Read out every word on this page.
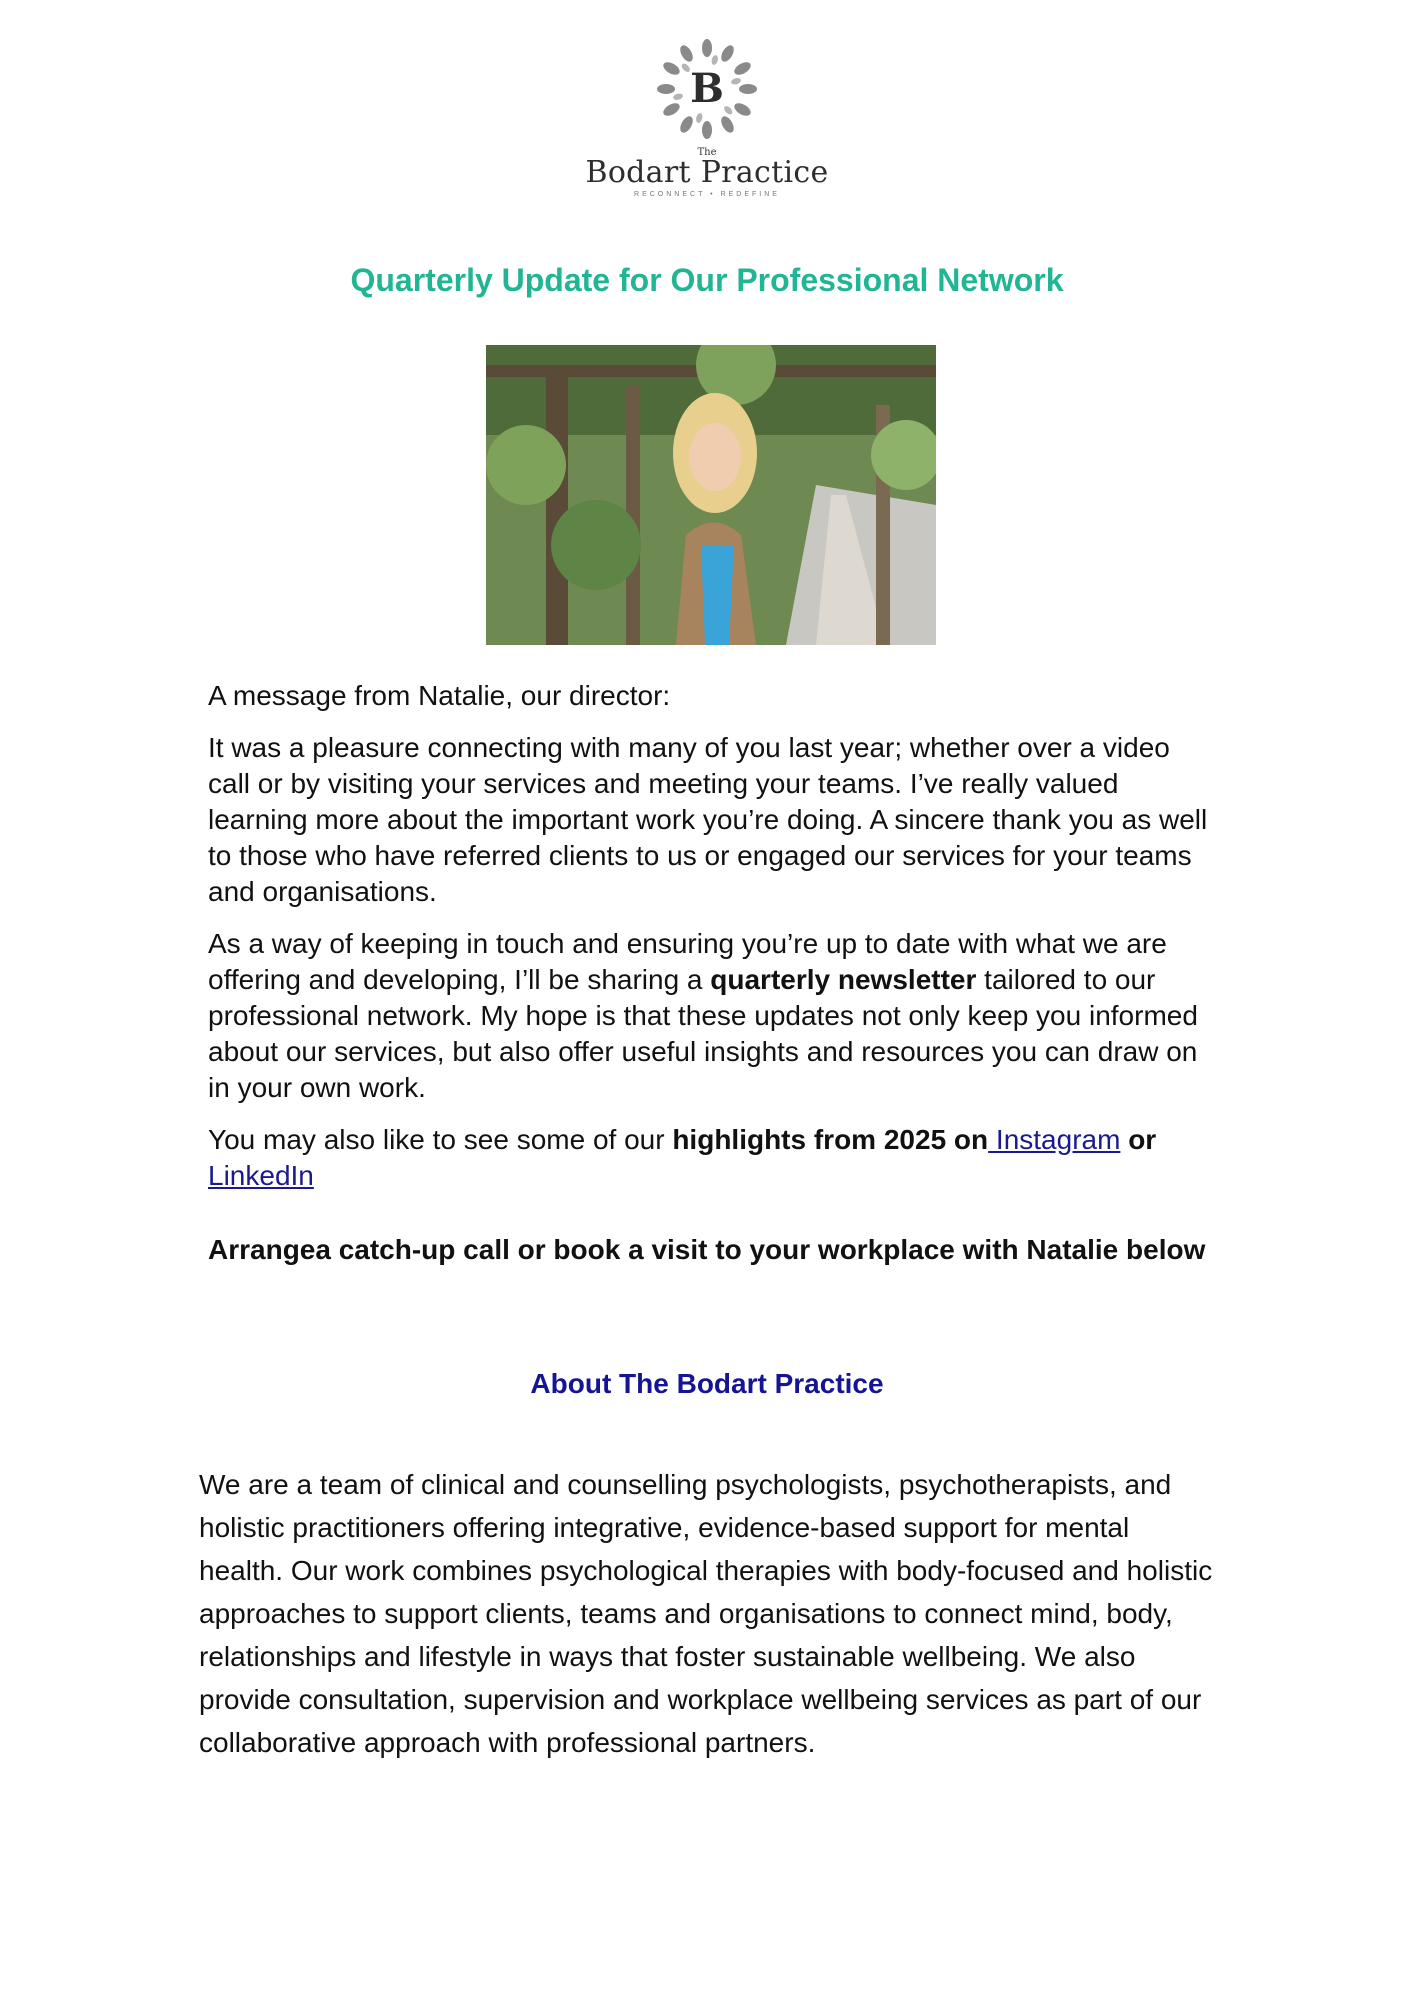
B
The
Bodart Practice
RECONNECT • REDEFINE
Quarterly Update for Our Professional Network

A message from Natalie, our director:

It was a pleasure connecting with many of you last year; whether over a video call or by visiting your services and meeting your teams. I’ve really valued learning more about the important work you’re doing. A sincere thank you as well to those who have referred clients to us or engaged our services for your teams and organisations.

As a way of keeping in touch and ensuring you’re up to date with what we are offering and developing, I’ll be sharing a quarterly newsletter tailored to our professional network. My hope is that these updates not only keep you informed about our services, but also offer useful insights and resources you can draw on in your own work.

You may also like to see some of our highlights from 2025 on Instagram or
LinkedIn

Arrangea catch-up call or book a visit to your workplace with Natalie below

About The Bodart Practice

We are a team of clinical and counselling psychologists, psychotherapists, and holistic practitioners offering integrative, evidence-based support for mental health. Our work combines psychological therapies with body-focused and holistic approaches to support clients, teams and organisations to connect mind, body, relationships and lifestyle in ways that foster sustainable wellbeing. We also provide consultation, supervision and workplace wellbeing services as part of our collaborative approach with professional partners.
